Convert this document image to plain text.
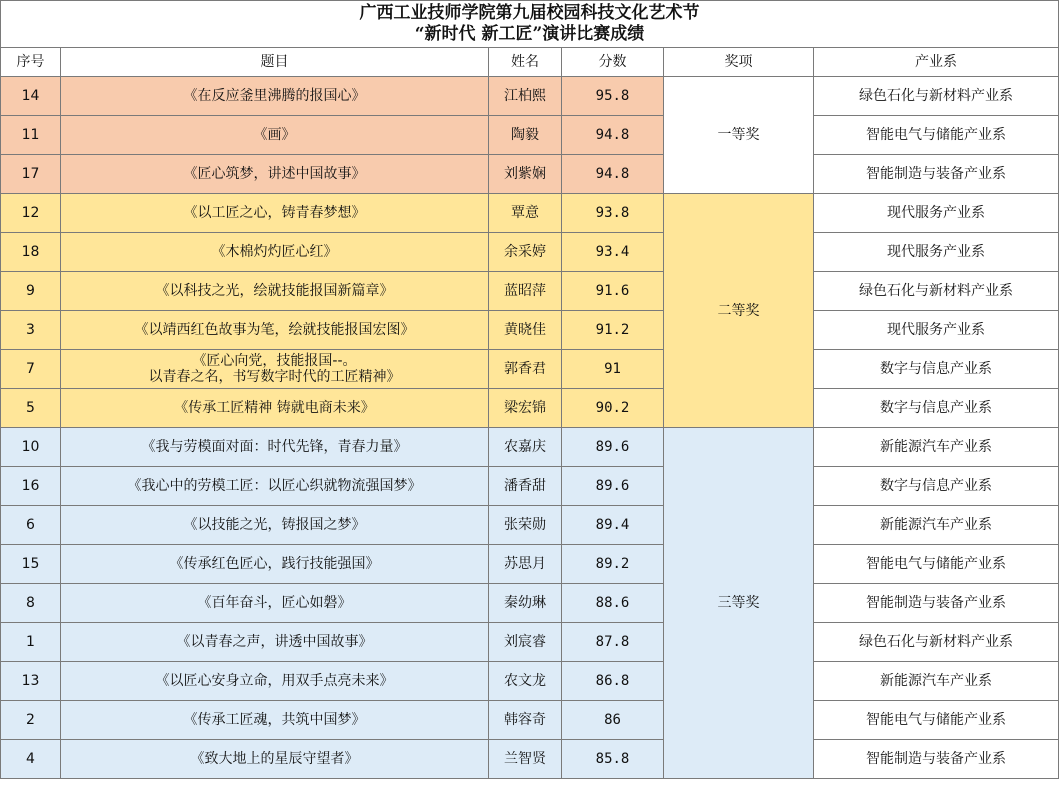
广西工业技师学院第九届校园科技文化艺术节
“新时代 新工匠”演讲比赛成绩					

序号	题目	姓名	分数	奖项	产业系
14	《在反应釜里沸腾的报国心》	江柏熙	95.8	一等奖	绿色石化与新材料产业系
11	《画》	陶毅	94.8		智能电气与储能产业系
17	《匠心筑梦，讲述中国故事》	刘紫娴	94.8		智能制造与装备产业系
12	《以工匠之心，铸青春梦想》	覃意	93.8	二等奖	现代服务产业系
18	《木棉灼灼匠心红》	余采婷	93.4		现代服务产业系
9	《以科技之光，绘就技能报国新篇章》	蓝昭萍	91.6		绿色石化与新材料产业系
3	《以靖西红色故事为笔，绘就技能报国宏图》	黄晓佳	91.2		现代服务产业系
7	《匠心向党，技能报国--。
以青春之名，书写数字时代的工匠精神》	郭香君	91		数字与信息产业系
5	《传承工匠精神 铸就电商未来》	梁宏锦	90.2		数字与信息产业系
10	《我与劳模面对面：时代先锋，青春力量》	农嘉庆	89.6	三等奖	新能源汽车产业系
16	《我心中的劳模工匠：以匠心织就物流强国梦》	潘香甜	89.6		数字与信息产业系
6	《以技能之光，铸报国之梦》	张荣勋	89.4		新能源汽车产业系
15	《传承红色匠心，践行技能强国》	苏思月	89.2		智能电气与储能产业系
8	《百年奋斗，匠心如磐》	秦幼琳	88.6		智能制造与装备产业系
1	《以青春之声，讲透中国故事》	刘宸睿	87.8		绿色石化与新材料产业系
13	《以匠心安身立命，用双手点亮未来》	农文龙	86.8		新能源汽车产业系
2	《传承工匠魂，共筑中国梦》	韩容奇	86		智能电气与储能产业系
4	《致大地上的星辰守望者》	兰智贤	85.8		智能制造与装备产业系
